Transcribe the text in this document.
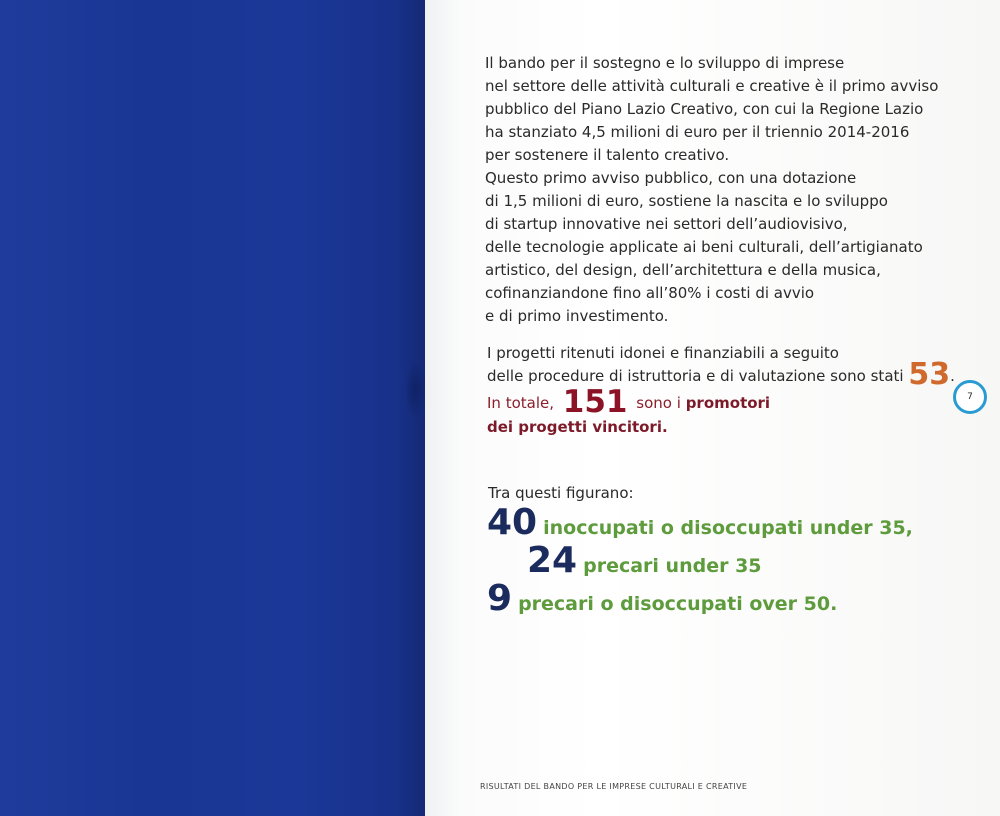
Il bando per il sostegno e lo sviluppo di imprese
nel settore delle attività culturali e creative è il primo avviso
pubblico del Piano Lazio Creativo, con cui la Regione Lazio
ha stanziato 4,5 milioni di euro per il triennio 2014-2016
per sostenere il talento creativo.
Questo primo avviso pubblico, con una dotazione
di 1,5 milioni di euro, sostiene la nascita e lo sviluppo
di startup innovative nei settori dell’audiovisivo,
delle tecnologie applicate ai beni culturali, dell’artigianato
artistico, del design, dell’architettura e della musica,
cofinanziandone fino all’80% i costi di avvio
e di primo investimento.
I progetti ritenuti idonei e finanziabili a seguito
delle procedure di istruttoria e di valutazione sono stati 53.
In totale, 151 sono i promotori
dei progetti vincitori.
Tra questi figurano:
40 inoccupati o disoccupati under 35,
24 precari under 35
9 precari o disoccupati over 50.
7
RISULTATI DEL BANDO PER LE IMPRESE CULTURALI E CREATIVE
